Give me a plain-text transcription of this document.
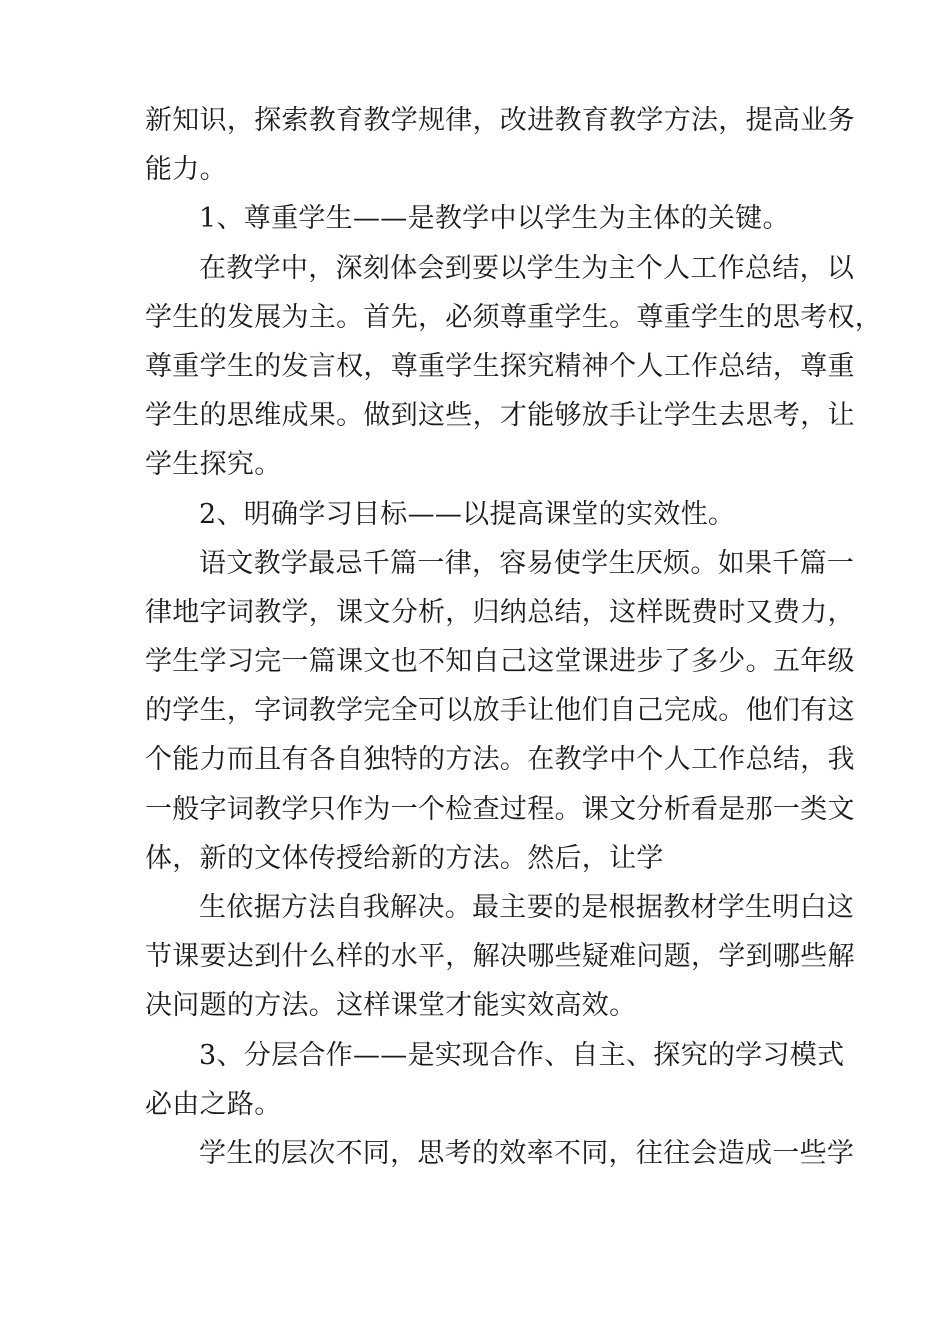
新知识，探索教育教学规律，改进教育教学方法，提高业务
能力。
1、尊重学生——是教学中以学生为主体的关键。
在教学中，深刻体会到要以学生为主个人工作总结，以
学生的发展为主。首先，必须尊重学生。尊重学生的思考权，
尊重学生的发言权，尊重学生探究精神个人工作总结，尊重
学生的思维成果。做到这些，才能够放手让学生去思考，让
学生探究。
2、明确学习目标——以提高课堂的实效性。
语文教学最忌千篇一律，容易使学生厌烦。如果千篇一
律地字词教学，课文分析，归纳总结，这样既费时又费力，
学生学习完一篇课文也不知自己这堂课进步了多少。五年级
的学生，字词教学完全可以放手让他们自己完成。他们有这
个能力而且有各自独特的方法。在教学中个人工作总结，我
一般字词教学只作为一个检查过程。课文分析看是那一类文
体，新的文体传授给新的方法。然后，让学
生依据方法自我解决。最主要的是根据教材学生明白这
节课要达到什么样的水平，解决哪些疑难问题，学到哪些解
决问题的方法。这样课堂才能实效高效。
3、分层合作——是实现合作、自主、探究的学习模式
必由之路。
学生的层次不同，思考的效率不同，往往会造成一些学
